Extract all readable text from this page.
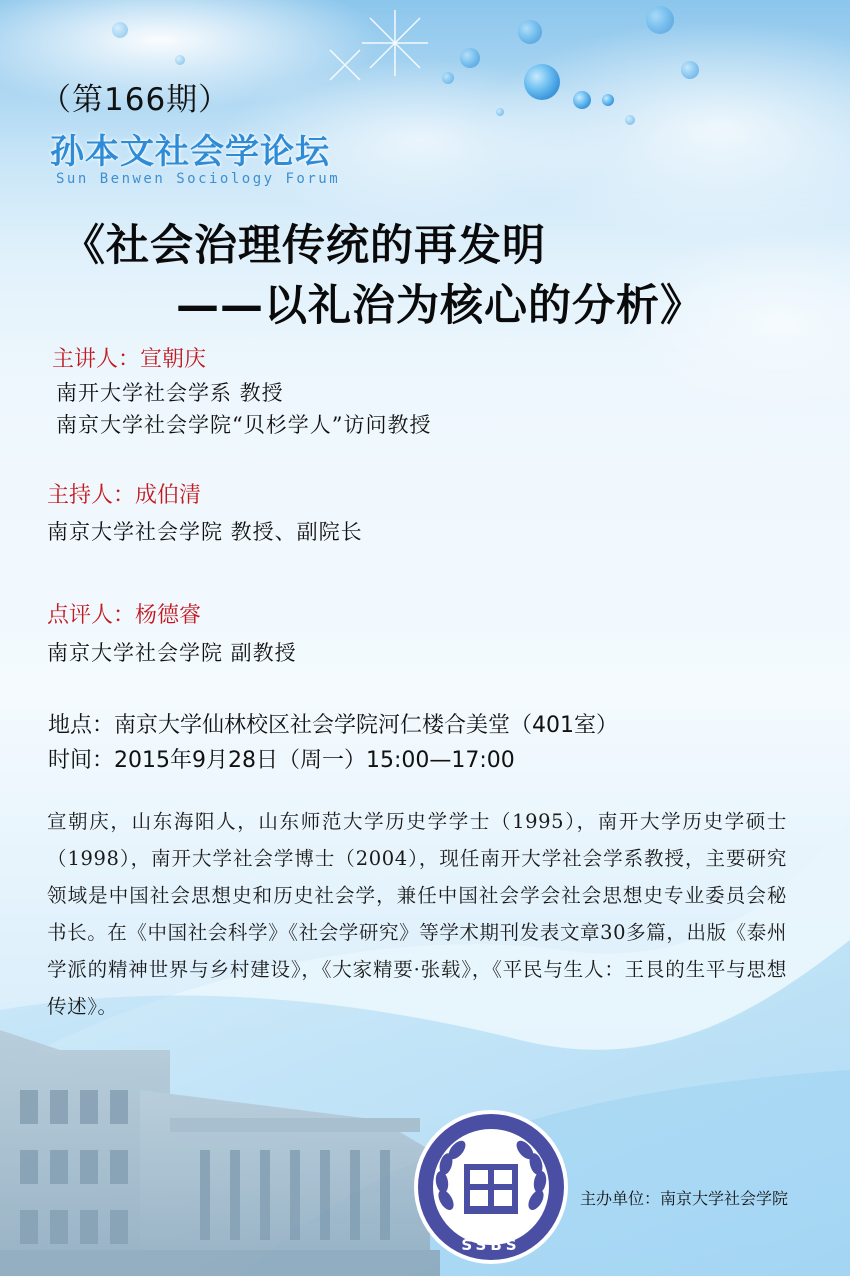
（第166期）
孙本文社会学论坛
Sun Benwen Sociology Forum
《社会治理传统的再发明
——以礼治为核心的分析》
主讲人：宣朝庆
南开大学社会学系 教授
南京大学社会学院“贝杉学人”访问教授
主持人：成伯清
南京大学社会学院 教授、副院长
点评人：杨德睿
南京大学社会学院 副教授
地点：南京大学仙林校区社会学院河仁楼合美堂（401室）
时间：2015年9月28日（周一）15:00—17:00
宣朝庆，山东海阳人，山东师范大学历史学学士（1995），南开大学历史学硕士（1998），南开大学社会学博士（2004），现任南开大学社会学系教授，主要研究领域是中国社会思想史和历史社会学，兼任中国社会学会社会思想史专业委员会秘书长。在《中国社会科学》《社会学研究》等学术期刊发表文章30多篇，出版《泰州学派的精神世界与乡村建设》，《大家精要·张载》，《平民与生人：王艮的生平与思想传述》。
SSBS
主办单位：南京大学社会学院
